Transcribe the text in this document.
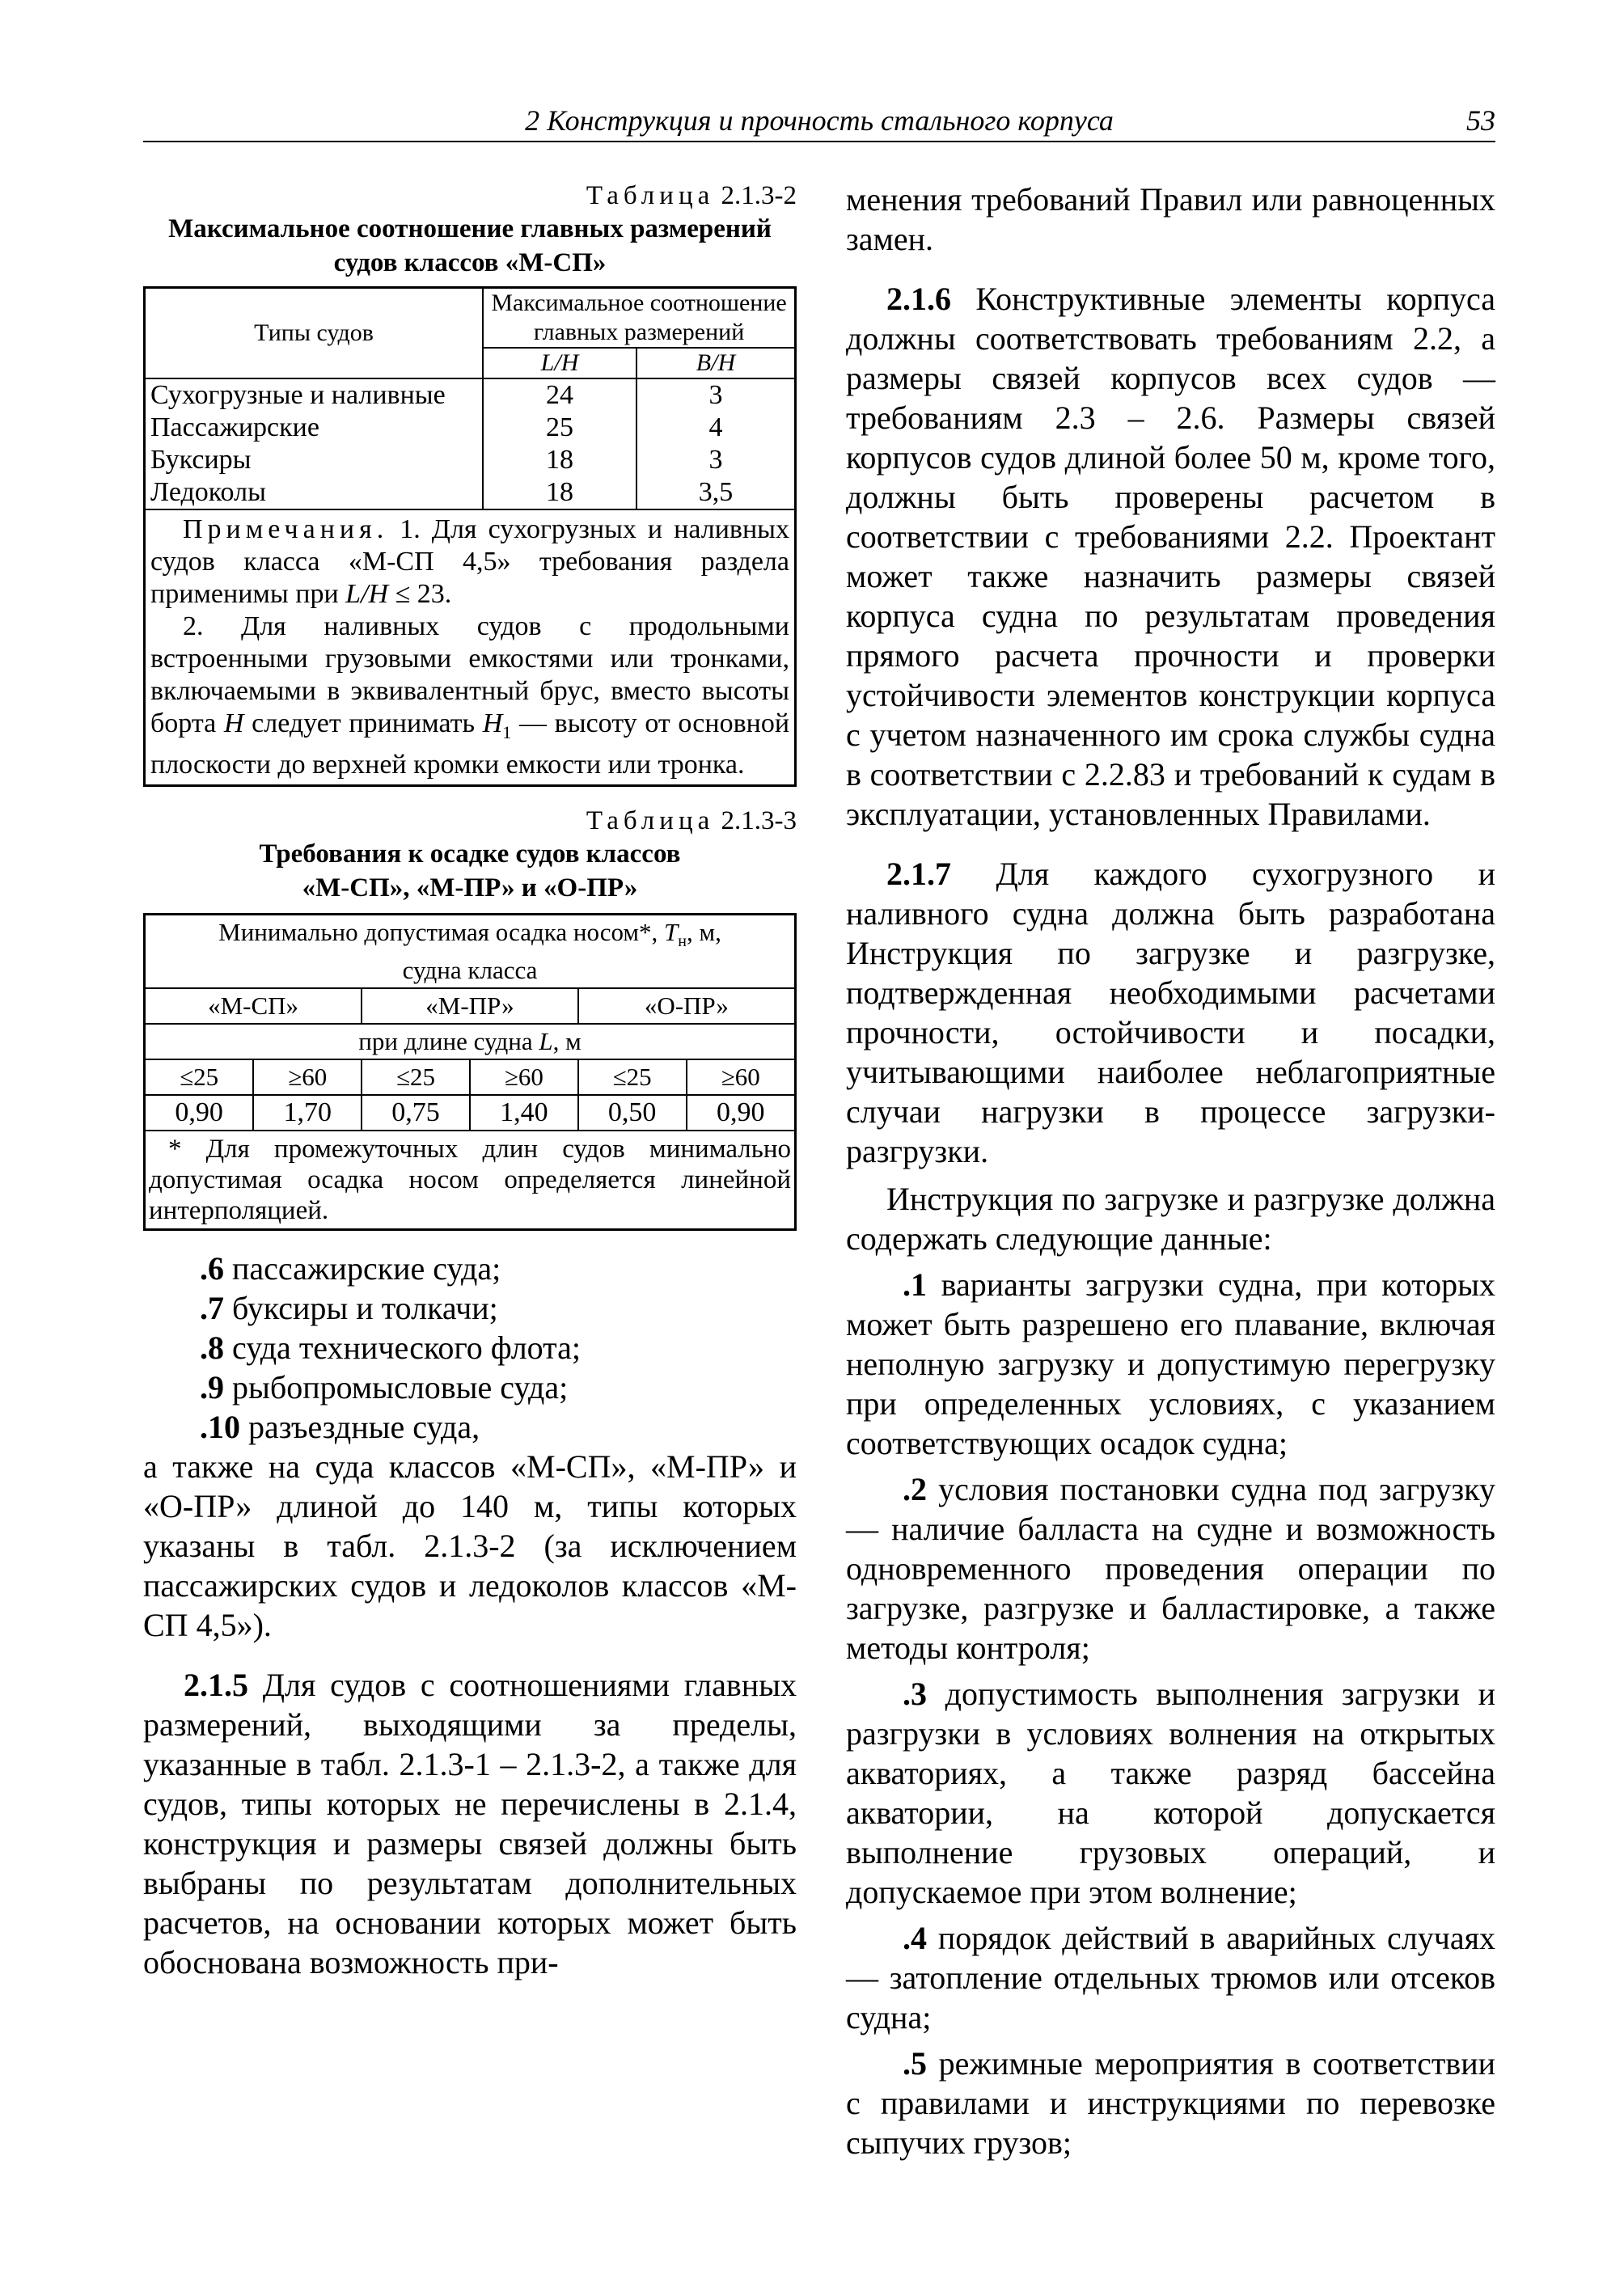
2 Конструкция и прочность стального корпуса	53
Таблица 2.1.3-2
Максимальное соотношение главных размерений судов классов «М-СП»
Типы судов	Максимальное соотношение главных размерений	
	L/H	B/H
Сухогрузные и наливные	24	3
Пассажирские	25	4
Буксиры	18	3
Ледоколы	18	3,5
Примечания. 1. Для сухогрузных и наливных судов класса «М-СП 4,5» требования раздела применимы при L/H ≤ 23.
2. Для наливных судов с продольными встроенными грузовыми емкостями или тронками, включаемыми в эквивалентный брус, вместо высоты борта H следует принимать $H_1$ — высоту от основной плоскости до верхней кромки емкости или тронка.		
Таблица 2.1.3-3
Требования к осадке судов классов
«М-СП», «М-ПР» и «О-ПР»
Минимально допустимая осадка носом*, $T_н$, м,
судна класса					
«М-СП»		«М-ПР»		«О-ПР»	
при длине судна L, м					
≤25	≥60	≤25	≥60	≤25	≥60
0,90	1,70	0,75	1,40	0,50	0,90
* Для промежуточных длин судов минимально допустимая осадка носом определяется линейной интерполяцией.					

.6 пассажирские суда;

.7 буксиры и толкачи;

.8 суда технического флота;

.9 рыбопромысловые суда;

.10 разъездные суда,

а также на суда классов «М-СП», «М-ПР» и «О-ПР» длиной до 140 м, типы которых указаны в табл. 2.1.3-2 (за исключением пассажирских судов и ледоколов классов «М-СП 4,5»).

2.1.5 Для судов с соотношениями главных размерений, выходящими за пределы, указанные в табл. 2.1.3-1 – 2.1.3-2, а также для судов, типы которых не перечислены в 2.1.4, конструкция и размеры связей должны быть выбраны по результатам дополнительных расчетов, на основании которых может быть обоснована возможность при-

менения требований Правил или равноценных замен.

2.1.6 Конструктивные элементы корпуса должны соответствовать требованиям 2.2, а размеры связей корпусов всех судов — требованиям 2.3 – 2.6. Размеры связей корпусов судов длиной более 50 м, кроме того, должны быть проверены расчетом в соответствии с требованиями 2.2. Проектант может также назначить размеры связей корпуса судна по результатам проведения прямого расчета прочности и проверки устойчивости элементов конструкции корпуса с учетом назначенного им срока службы судна в соответствии с 2.2.83 и требований к судам в эксплуатации, установленных Правилами.

2.1.7 Для каждого сухогрузного и наливного судна должна быть разработана Инструкция по загрузке и разгрузке, подтвержденная необходимыми расчетами прочности, остойчивости и посадки, учитывающими наиболее неблагоприятные случаи нагрузки в процессе загрузки-разгрузки.

Инструкция по загрузке и разгрузке должна содержать следующие данные:

.1 варианты загрузки судна, при которых может быть разрешено его плавание, включая неполную загрузку и допустимую перегрузку при определенных условиях, с указанием соответствующих осадок судна;

.2 условия постановки судна под загрузку — наличие балласта на судне и возможность одновременного проведения операции по загрузке, разгрузке и балластировке, а также методы контроля;

.3 допустимость выполнения загрузки и разгрузки в условиях волнения на открытых акваториях, а также разряд бассейна акватории, на которой допускается выполнение грузовых операций, и допускаемое при этом волнение;

.4 порядок действий в аварийных случаях — затопление отдельных трюмов или отсеков судна;

.5 режимные мероприятия в соответствии с правилами и инструкциями по перевозке сыпучих грузов;
